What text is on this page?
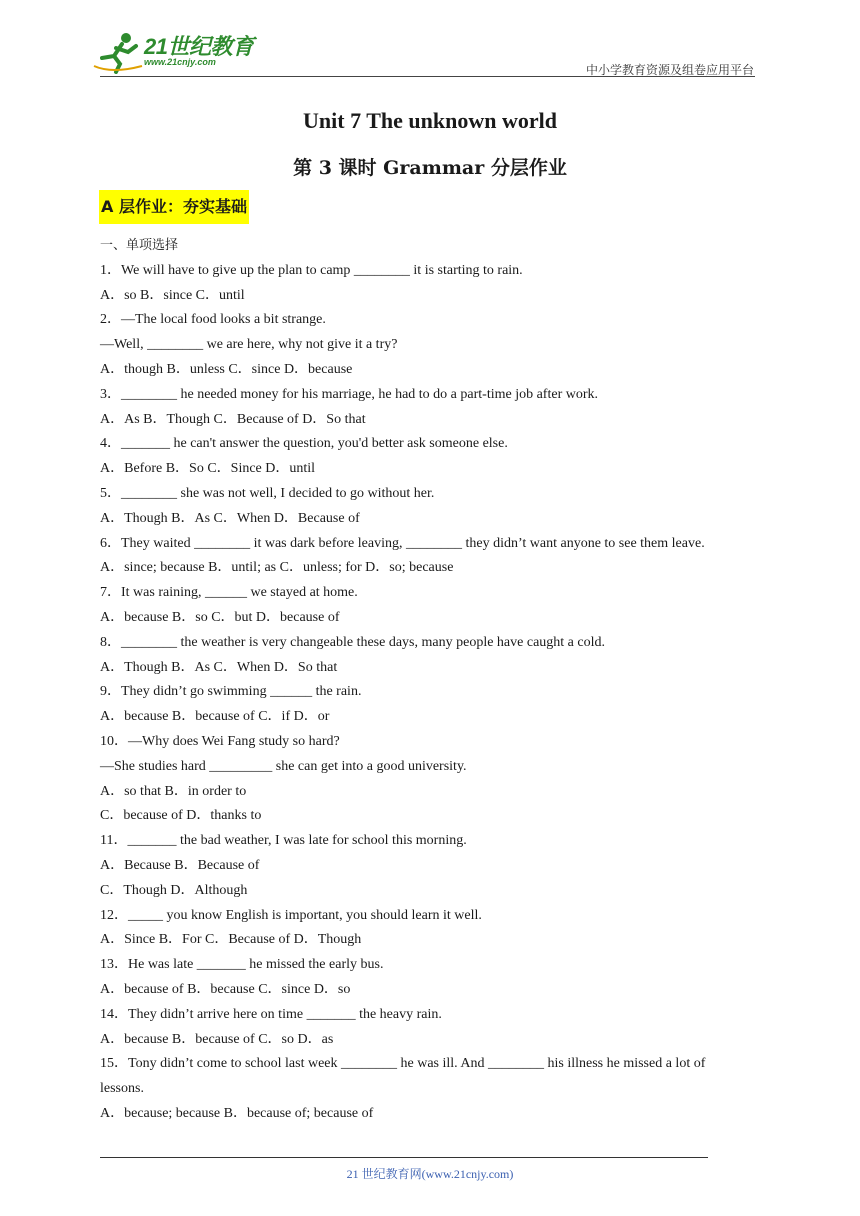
21世纪教育
www.21cnjy.com
中小学教育资源及组卷应用平台
Unit 7 The unknown world
第 3 课时 Grammar 分层作业
A 层作业：夯实基础
一、单项选择
1．We will have to give up the plan to camp ________ it is starting to rain.
A．so B．since C．until
2．—The local food looks a bit strange.
—Well, ________ we are here, why not give it a try?
A．though B．unless C．since D．because
3．________ he needed money for his marriage, he had to do a part-time job after work.
A．As B．Though C．Because of D．So that
4．_______ he can't answer the question, you'd better ask someone else.
A．Before B．So C．Since D．until
5．________ she was not well, I decided to go without her.
A．Though B．As C．When D．Because of
6．They waited ________ it was dark before leaving, ________ they didn’t want anyone to see them leave.
A．since; because B．until; as C．unless; for D．so; because
7．It was raining, ______ we stayed at home.
A．because B．so C．but D．because of
8．________ the weather is very changeable these days, many people have caught a cold.
A．Though B．As C．When D．So that
9．They didn’t go swimming ______ the rain.
A．because B．because of C．if D．or
10．—Why does Wei Fang study so hard?
—She studies hard _________ she can get into a good university.
A．so that B．in order to
C．because of D．thanks to
11．_______ the bad weather, I was late for school this morning.
A．Because B．Because of
C．Though D．Although
12．_____ you know English is important, you should learn it well.
A．Since B．For C．Because of D．Though
13．He was late _______ he missed the early bus.
A．because of B．because C．since D．so
14．They didn’t arrive here on time _______ the heavy rain.
A．because B．because of C．so D．as
15．Tony didn’t come to school last week ________ he was ill. And ________ his illness he missed a lot of
lessons.
A．because; because B．because of; because of
21 世纪教育网(www.21cnjy.com)
